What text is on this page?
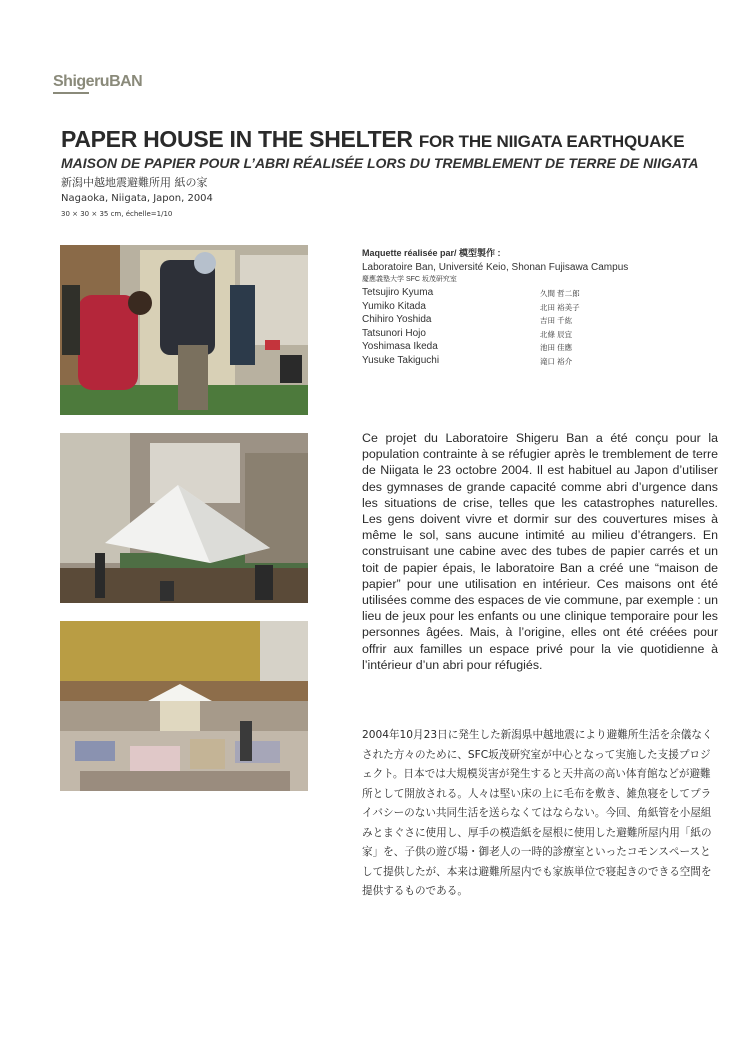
ShigeruBAN
PAPER HOUSE IN THE SHELTER FOR THE NIIGATA EARTHQUAKE
MAISON DE PAPIER POUR L’ABRI RÉALISÉE LORS DU TREMBLEMENT DE TERRE DE NIIGATA
新潟中越地震避難所用 紙の家
Nagaoka, Niigata, Japon, 2004
30 × 30 × 35 cm, échelle=1/10
Maquette réalisée par/ 模型製作 :
Laboratoire Ban, Université Keio, Shonan Fujisawa Campus
慶應義塾大学 SFC 坂茂研究室
Tetsujiro Kyuma	久間 哲二郎
Yumiko Kitada	北田 裕美子
Chihiro Yoshida	吉田 千紘
Tatsunori Hojo	北條 辰宜
Yoshimasa Ikeda	池田 佳應
Yusuke Takiguchi	滝口 裕介
Ce projet du Laboratoire Shigeru Ban a été conçu pour la population contrainte à se réfugier après le tremblement de terre de Niigata le 23 octobre 2004. Il est habituel au Japon d’utiliser des gymnases de grande capacité comme abri d’urgence dans les situations de crise, telles que les catastrophes naturelles. Les gens doivent vivre et dormir sur des couvertures mises à même le sol, sans aucune intimité au milieu d’étrangers. En construisant une cabine avec des tubes de papier carrés et un toit de papier épais, le laboratoire Ban a créé une “maison de papier” pour une utilisation en intérieur. Ces maisons ont été utilisées comme des espaces de vie commune, par exemple : un lieu de jeux pour les enfants ou une clinique temporaire pour les personnes âgées. Mais, à l’origine, elles ont été créées pour offrir aux familles un espace privé pour la vie quotidienne à l’intérieur d’un abri pour réfugiés.
2004年10月23日に発生した新潟県中越地震により避難所生活を余儀なくされた方々のために、SFC坂茂研究室が中心となって実施した支援プロジェクト。日本では大規模災害が発生すると天井高の高い体育館などが避難所として開放される。人々は堅い床の上に毛布を敷き、雑魚寝をしてプライバシーのない共同生活を送らなくてはならない。今回、角紙管を小屋組みとまぐさに使用し、厚手の模造紙を屋根に使用した避難所屋内用「紙の家」を、子供の遊び場・御老人の一時的診療室といったコモンスペースとして提供したが、本来は避難所屋内でも家族単位で寝起きのできる空間を提供するものである。
